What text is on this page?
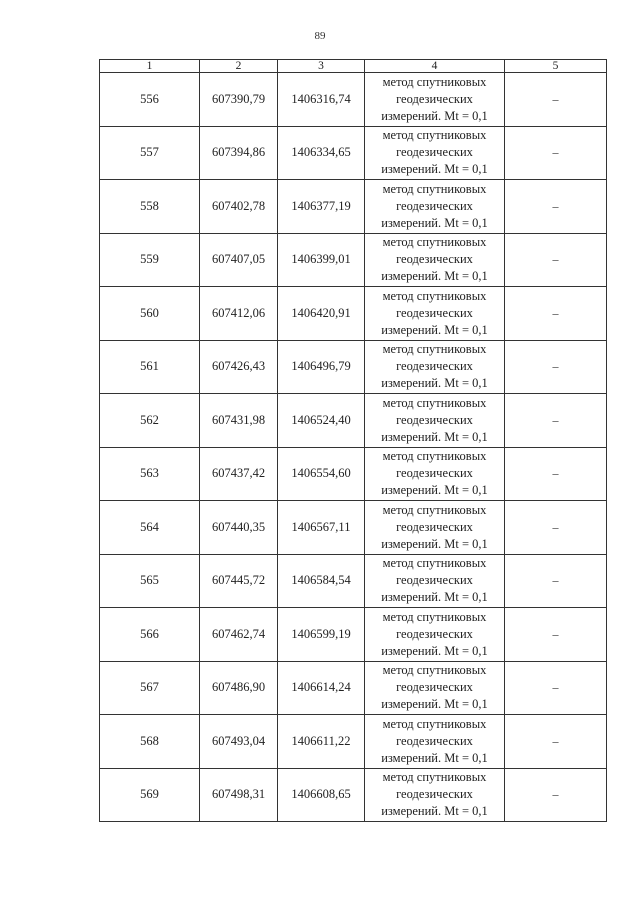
89
1	2	3	4	5
556	607390,79	1406316,74	метод спутниковых
геодезических
измерений. Mt = 0,1	–
557	607394,86	1406334,65	метод спутниковых
геодезических
измерений. Mt = 0,1	–
558	607402,78	1406377,19	метод спутниковых
геодезических
измерений. Mt = 0,1	–
559	607407,05	1406399,01	метод спутниковых
геодезических
измерений. Mt = 0,1	–
560	607412,06	1406420,91	метод спутниковых
геодезических
измерений. Mt = 0,1	–
561	607426,43	1406496,79	метод спутниковых
геодезических
измерений. Mt = 0,1	–
562	607431,98	1406524,40	метод спутниковых
геодезических
измерений. Mt = 0,1	–
563	607437,42	1406554,60	метод спутниковых
геодезических
измерений. Mt = 0,1	–
564	607440,35	1406567,11	метод спутниковых
геодезических
измерений. Mt = 0,1	–
565	607445,72	1406584,54	метод спутниковых
геодезических
измерений. Mt = 0,1	–
566	607462,74	1406599,19	метод спутниковых
геодезических
измерений. Mt = 0,1	–
567	607486,90	1406614,24	метод спутниковых
геодезических
измерений. Mt = 0,1	–
568	607493,04	1406611,22	метод спутниковых
геодезических
измерений. Mt = 0,1	–
569	607498,31	1406608,65	метод спутниковых
геодезических
измерений. Mt = 0,1	–
